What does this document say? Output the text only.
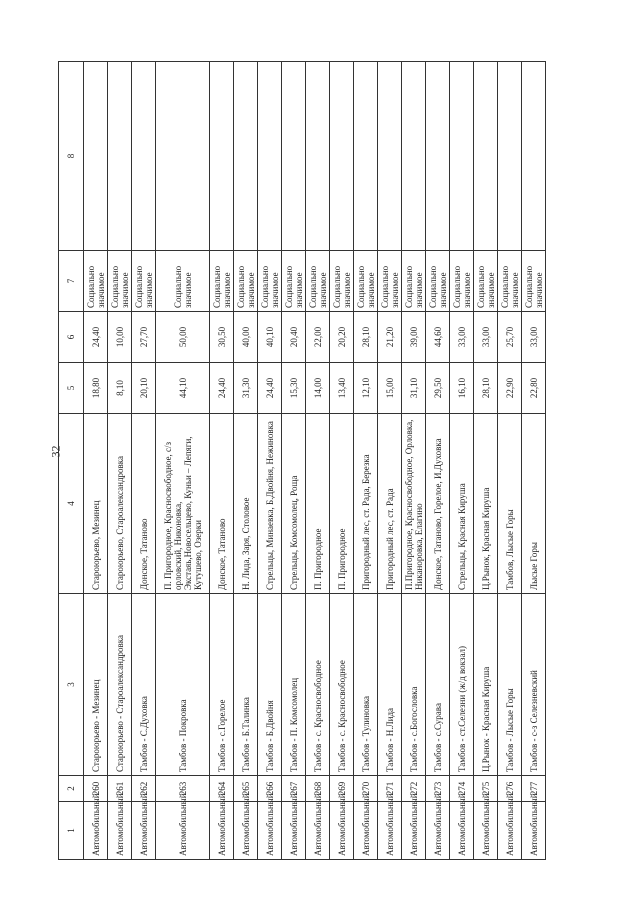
32
1	2	3	4	5	6	7	8
Автомобильный	260	Староюрьево - Мезинец	Староюрьево, Мезинец	18,80	24,40	Социально значимое	
Автомобильный	261	Староюрьево - Староалександровка	Староюрьево, Староалександровка	8,10	10,00	Социально значимое	
Автомобильный	262	Тамбов - С.Духовка	Донское, Татаново	20,10	27,70	Социально значимое	
Автомобильный	263	Тамбов - Покровка	П. Пригородное, Красносвободное, с/з орловский, Никоновка, Экстаяь,Новосельцево, Куньи – Лепяги, Кутушево, Озерки	44,10	50,00	Социально значимое	
Автомобильный	264	Тамбов - с.Горелое	Донское, Татаново	24,40	30,50	Социально значимое	
Автомобильный	265	Тамбов - Б.Талинка	Н. Лида, Заря, Столовое	31,30	40,00	Социально значимое	
Автомобильный	266	Тамбов - Б.Двойня	Стрельцы, Минаевка, Б.Двойня, Нежиновка	24,40	40,10	Социально значимое	
Автомобильный	267	Тамбов - П. Комсомолец	Стрельцы, Комсомолец, Роща	15,30	20,40	Социально значимое	
Автомобильный	268	Тамбов - с. Красносвободное	П. Пригородное	14,00	22,00	Социально значимое	
Автомобильный	269	Тамбов - с. Красносвободное	П. Пригородное	13,40	20,20	Социально значимое	
Автомобильный	270	Тамбов - Тулиновка	Пригородный лес, ст. Рада, Березка	12,10	28,10	Социально значимое	
Автомобильный	271	Тамбов - Н.Лида	Пригородный лес, ст. Рада	15,00	21,20	Социально значимое	
Автомобильный	272	Тамбов - с.Богословка	П.Пригородное, Красносвободное, Орловка, Никаноровка, Елагино	31,10	39,00	Социально значимое	
Автомобильный	273	Тамбов - с.Сурава	Донское, Татаново, Горелое, И.Духовка	29,50	44,60	Социально значимое	
Автомобильный	274	Тамбов - ст.Селезни (ж/д вокзал)	Стрельцы, Красная Кируша	16,10	33,00	Социально значимое	
Автомобильный	275	Ц.Рынок - Красная Кируша	Ц.Рынок, Красная Кируша	28,10	33,00	Социально значимое	
Автомобильный	276	Тамбов - Лысые Горы	Тамбов, Лысые Горы	22,90	25,70	Социально значимое	
Автомобильный	277	Тамбов - с-з Селезневский	Лысые Горы	22,80	33,00	Социально значимое	
